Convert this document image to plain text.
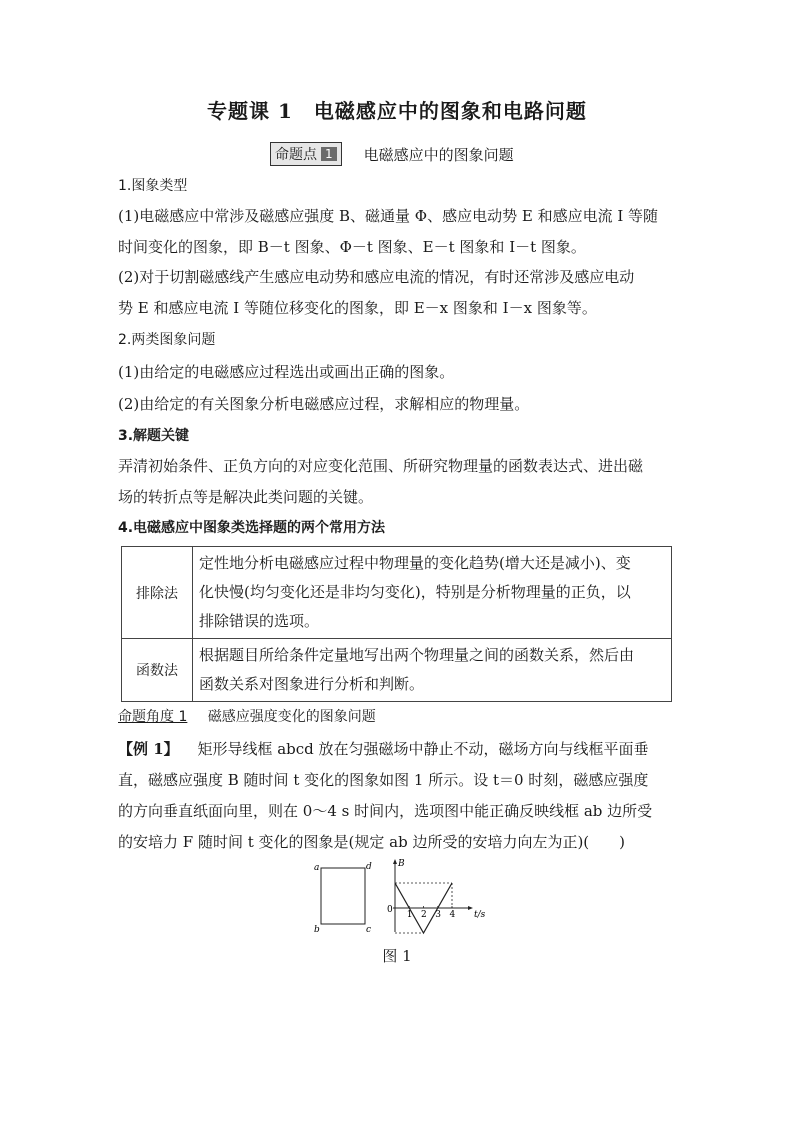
专题课 1　电磁感应中的图象和电路问题
命题点 1 电磁感应中的图象问题
1.图象类型
(1)电磁感应中常涉及磁感应强度 B、磁通量 Φ、感应电动势 E 和感应电流 I 等随
时间变化的图象，即 B－t 图象、Φ－t 图象、E－t 图象和 I－t 图象。
(2)对于切割磁感线产生感应电动势和感应电流的情况，有时还常涉及感应电动
势 E 和感应电流 I 等随位移变化的图象，即 E－x 图象和 I－x 图象等。
2.两类图象问题
(1)由给定的电磁感应过程选出或画出正确的图象。
(2)由给定的有关图象分析电磁感应过程，求解相应的物理量。
3.解题关键
弄清初始条件、正负方向的对应变化范围、所研究物理量的函数表达式、进出磁
场的转折点等是解决此类问题的关键。
4.电磁感应中图象类选择题的两个常用方法
排除法	定性地分析电磁感应过程中物理量的变化趋势(增大还是减小)、变
化快慢(均匀变化还是非均匀变化)，特别是分析物理量的正负，以
排除错误的选项。

函数法	根据题目所给条件定量地写出两个物理量之间的函数关系，然后由
函数关系对图象进行分析和判断。
命题角度 1 磁感应强度变化的图象问题
【例 1】 矩形导线框 abcd 放在匀强磁场中静止不动，磁场方向与线框平面垂
直，磁感应强度 B 随时间 t 变化的图象如图 1 所示。设 t＝0 时刻，磁感应强度
的方向垂直纸面向里，则在 0～4 s 时间内，选项图中能正确反映线框 ab 边所受
的安培力 F 随时间 t 变化的图象是(规定 ab 边所受的安培力向左为正)(　　)
a	d
b	c
B
t/s
0 1 2 3 4
图 1
